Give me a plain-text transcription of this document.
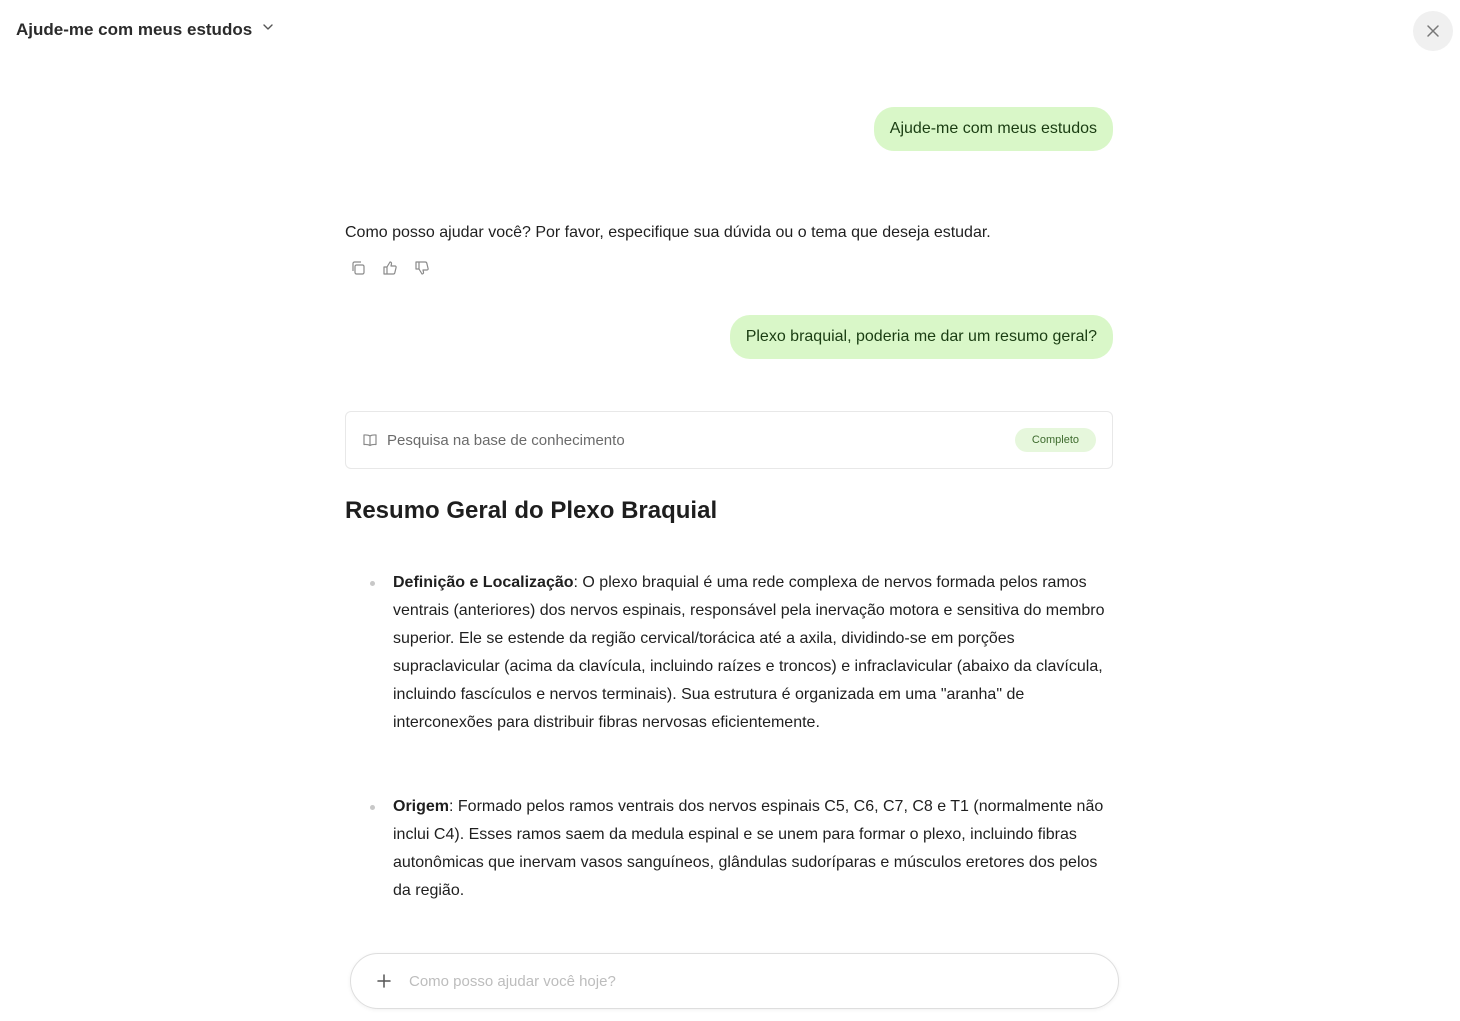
Ajude-me com meus estudos
Ajude-me com meus estudos

Como posso ajudar você? Por favor, especifique sua dúvida ou o tema que deseja estudar.

Plexo braquial, poderia me dar um resumo geral?
Pesquisa na base de conhecimento	Completo
Resumo Geral do Plexo Braquial
Definição e Localização: O plexo braquial é uma rede complexa de nervos formada pelos ramos ventrais (anteriores) dos nervos espinais, responsável pela inervação motora e sensitiva do membro superior. Ele se estende da região cervical/torácica até a axila, dividindo-se em porções supraclavicular (acima da clavícula, incluindo raízes e troncos) e infraclavicular (abaixo da clavícula, incluindo fascículos e nervos terminais). Sua estrutura é organizada em uma "aranha" de interconexões para distribuir fibras nervosas eficientemente.
Origem: Formado pelos ramos ventrais dos nervos espinais C5, C6, C7, C8 e T1 (normalmente não inclui C4). Esses ramos saem da medula espinal e se unem para formar o plexo, incluindo fibras autonômicas que inervam vasos sanguíneos, glândulas sudoríparas e músculos eretores dos pelos da região.
Como posso ajudar você hoje?
